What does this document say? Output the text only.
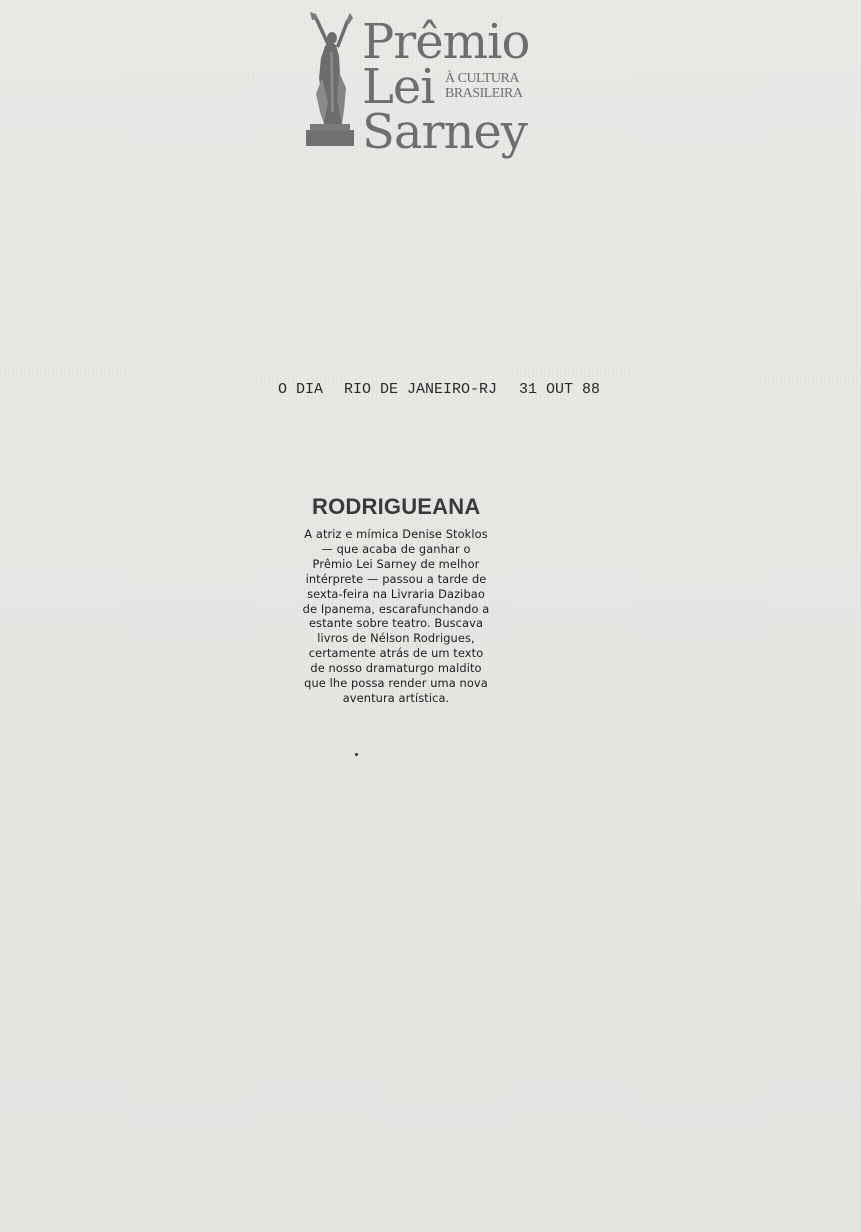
Prêmio
Lei À CULTURA
BRASILEIRA
Sarney
O DIA RIO DE JANEIRO-RJ 31 OUT 88
RODRIGUEANA
A atriz e mímica Denise Stoklos
— que acaba de ganhar o
Prêmio Lei Sarney de melhor
intérprete — passou a tarde de
sexta-feira na Livraria Dazibao
de Ipanema, escarafunchando a
estante sobre teatro. Buscava
livros de Nélson Rodrigues,
certamente atrás de um texto
de nosso dramaturgo maldito
que lhe possa render uma nova
aventura artística.
